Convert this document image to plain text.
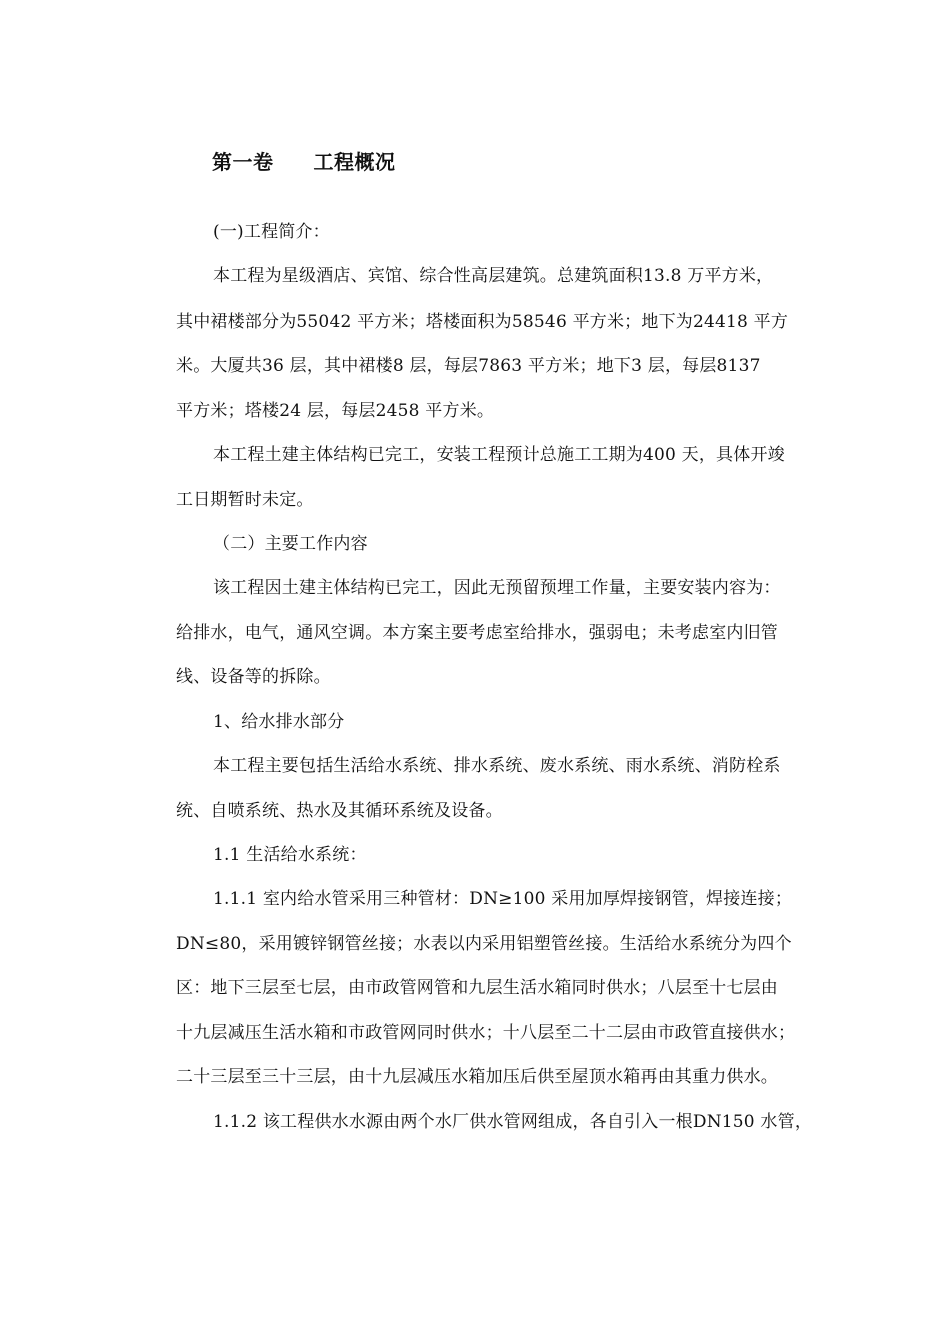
第一卷 工程概况
(一)工程简介：
本工程为星级酒店、宾馆、综合性高层建筑。总建筑面积13.8 万平方米，
其中裙楼部分为55042 平方米；塔楼面积为58546 平方米；地下为24418 平方
米。大厦共36 层，其中裙楼8 层，每层7863 平方米；地下3 层，每层8137
平方米；塔楼24 层，每层2458 平方米。
本工程土建主体结构已完工，安装工程预计总施工工期为400 天，具体开竣
工日期暂时未定。
（二）主要工作内容
该工程因土建主体结构已完工，因此无预留预埋工作量，主要安装内容为：
给排水，电气，通风空调。本方案主要考虑室给排水，强弱电；未考虑室内旧管
线、设备等的拆除。
1、给水排水部分
本工程主要包括生活给水系统、排水系统、废水系统、雨水系统、消防栓系
统、自喷系统、热水及其循环系统及设备。
1.1 生活给水系统：
1.1.1 室内给水管采用三种管材：DN≥100 采用加厚焊接钢管，焊接连接；
DN≤80，采用镀锌钢管丝接；水表以内采用铝塑管丝接。生活给水系统分为四个
区：地下三层至七层，由市政管网管和九层生活水箱同时供水；八层至十七层由
十九层减压生活水箱和市政管网同时供水；十八层至二十二层由市政管直接供水；
二十三层至三十三层，由十九层减压水箱加压后供至屋顶水箱再由其重力供水。
1.1.2 该工程供水水源由两个水厂供水管网组成，各自引入一根DN150 水管，
